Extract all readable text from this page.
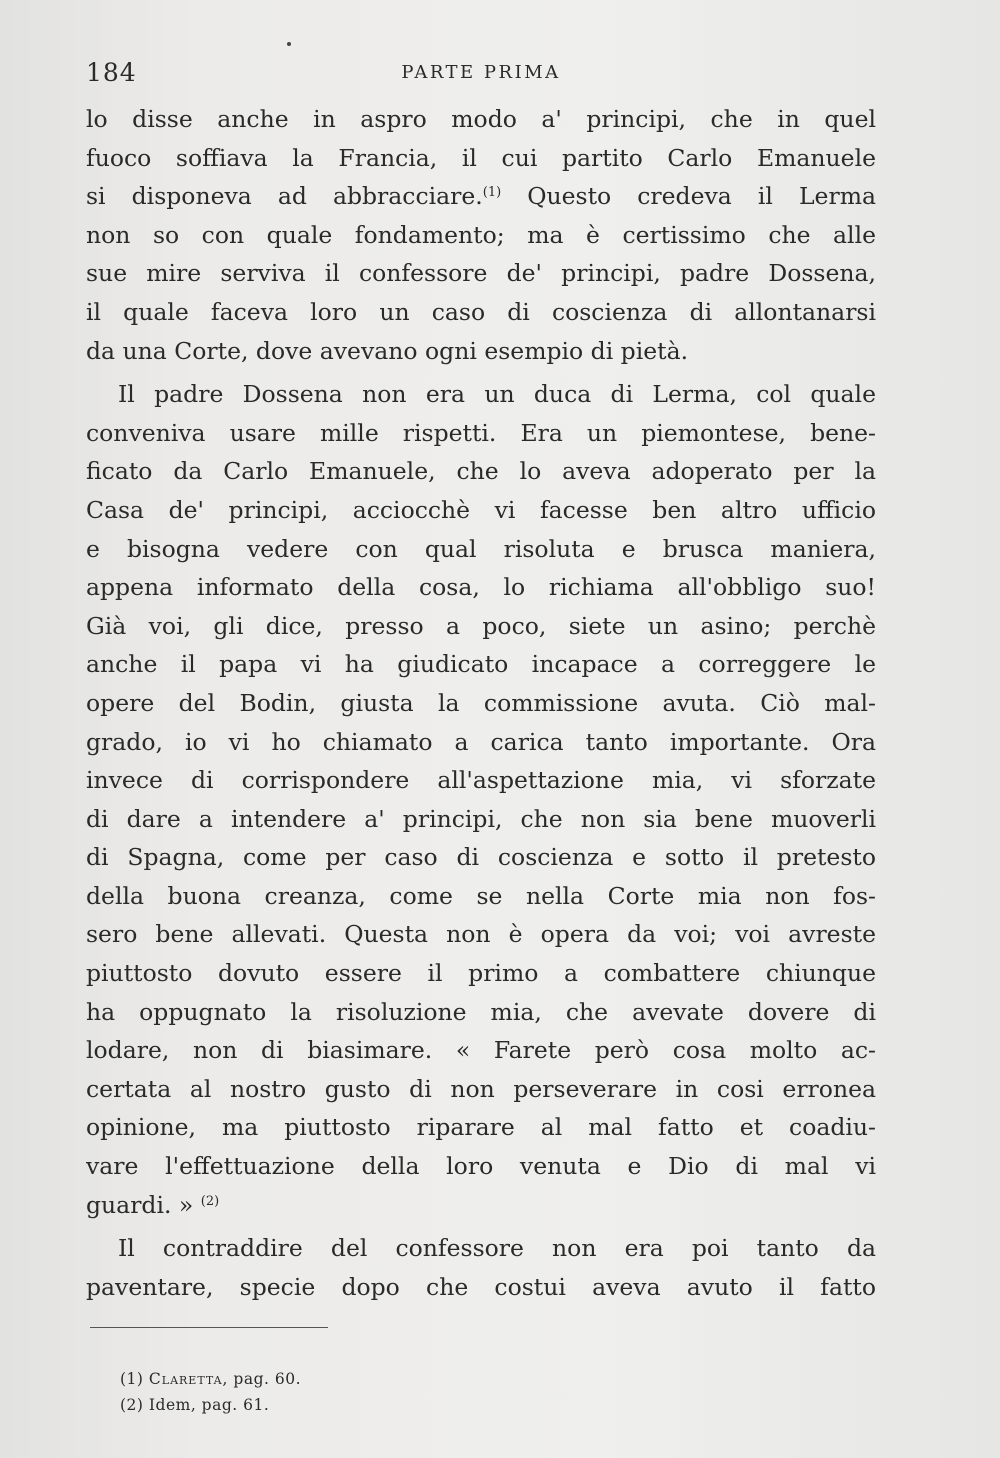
184	PARTE PRIMA
lo disse anche in aspro modo a' principi, che in quel
fuoco soffiava la Francia, il cui partito Carlo Emanuele
si disponeva ad abbracciare.$^{(1)}$ Questo credeva il Lerma
non so con quale fondamento; ma è certissimo che alle
sue mire serviva il confessore de' principi, padre Dossena,
il quale faceva loro un caso di coscienza di allontanarsi
da una Corte, dove avevano ogni esempio di pietà.
Il padre Dossena non era un duca di Lerma, col quale
conveniva usare mille rispetti. Era un piemontese, bene-
ficato da Carlo Emanuele, che lo aveva adoperato per la
Casa de' principi, acciocchè vi facesse ben altro ufficio
e bisogna vedere con qual risoluta e brusca maniera,
appena informato della cosa, lo richiama all'obbligo suo!
Già voi, gli dice, presso a poco, siete un asino; perchè
anche il papa vi ha giudicato incapace a correggere le
opere del Bodin, giusta la commissione avuta. Ciò mal-
grado, io vi ho chiamato a carica tanto importante. Ora
invece di corrispondere all'aspettazione mia, vi sforzate
di dare a intendere a' principi, che non sia bene muoverli
di Spagna, come per caso di coscienza e sotto il pretesto
della buona creanza, come se nella Corte mia non fos-
sero bene allevati. Questa non è opera da voi; voi avreste
piuttosto dovuto essere il primo a combattere chiunque
ha oppugnato la risoluzione mia, che avevate dovere di
lodare, non di biasimare. « Farete però cosa molto ac-
certata al nostro gusto di non perseverare in cosi erronea
opinione, ma piuttosto riparare al mal fatto et coadiu-
vare l'effettuazione della loro venuta e Dio di mal vi
guardi. » $^{(2)}$
Il contraddire del confessore non era poi tanto da
paventare, specie dopo che costui aveva avuto il fatto
(1) Claretta, pag. 60.
(2) Idem, pag. 61.
